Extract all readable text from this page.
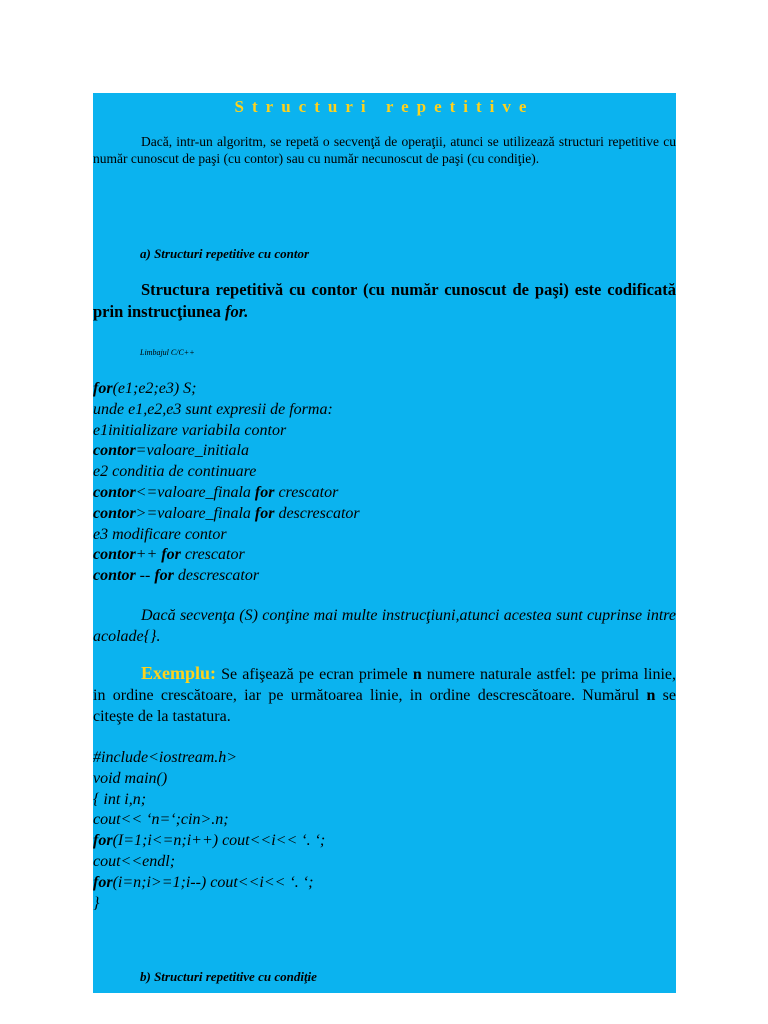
Structuri repetitive
Dacă, intr-un algoritm, se repetă o secvenţă de operaţii, atunci se utilizează structuri repetitive cu număr cunoscut de paşi (cu contor) sau cu număr necunoscut de paşi (cu condiţie).
a) Structuri repetitive cu contor
Structura repetitivă cu contor (cu număr cunoscut de paşi) este codificată prin instrucţiunea for.
Limbajul C/C++
for(e1;e2;e3) S;
unde e1,e2,e3 sunt expresii de forma:
e1initializare variabila contor
contor=valoare_initiala
e2 conditia de continuare
contor<=valoare_finala for crescator
contor>=valoare_finala for descrescator
e3 modificare contor
contor++ for crescator
contor -- for descrescator
Dacă secvenţa (S) conţine mai multe instrucţiuni,atunci acestea sunt cuprinse intre acolade{}.
Exemplu: Se afişează pe ecran primele n numere naturale astfel: pe prima linie, in ordine crescătoare, iar pe următoarea linie, in ordine descrescătoare. Numărul n se citeşte de la tastatura.
#include<iostream.h>
void main()
{ int i,n;
cout<< ‘n=‘;cin>.n;
for(I=1;i<=n;i++) cout<<i<< ‘. ‘;
cout<<endl;
for(i=n;i>=1;i--) cout<<i<< ‘. ‘;
}
b) Structuri repetitive cu condiţie
